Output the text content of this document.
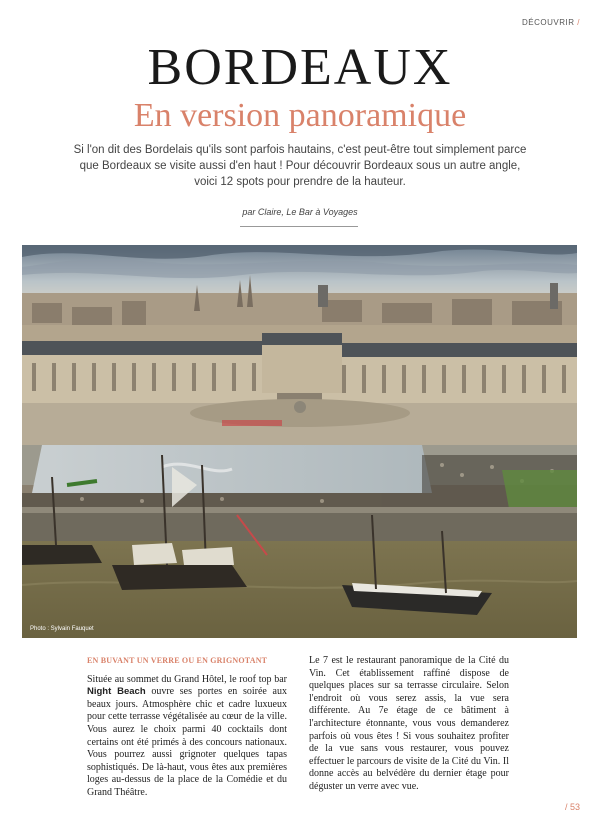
DÉCOUVRIR /
BORDEAUX
En version panoramique

Si l'on dit des Bordelais qu'ils sont parfois hautains, c'est peut-être tout simplement parce que Bordeaux se visite aussi d'en haut ! Pour découvrir Bordeaux sous un autre angle, voici 12 spots pour prendre de la hauteur.

par Claire, Le Bar à Voyages
Photo : Sylvain Fauquet
EN BUVANT UN VERRE OU EN GRIGNOTANT

Située au sommet du Grand Hôtel, le roof top bar Night Beach ouvre ses portes en soirée aux beaux jours. Atmosphère chic et cadre luxueux pour cette terrasse végétalisée au cœur de la ville. Vous aurez le choix parmi 40 cocktails dont certains ont été primés à des concours nationaux. Vous pourrez aussi grignoter quelques tapas sophistiqués. De là-haut, vous êtes aux premières loges au-dessus de la place de la Comédie et du Grand Théâtre.

Le 7 est le restaurant panoramique de la Cité du Vin. Cet établissement raffiné dispose de quelques places sur sa terrasse circulaire. Selon l'endroit où vous serez assis, la vue sera différente. Au 7e étage de ce bâtiment à l'architecture étonnante, vous vous demanderez parfois où vous êtes ! Si vous souhaitez profiter de la vue sans vous restaurer, vous pouvez effectuer le parcours de visite de la Cité du Vin. Il donne accès au belvédère du dernier étage pour déguster un verre avec vue.

/ 53
